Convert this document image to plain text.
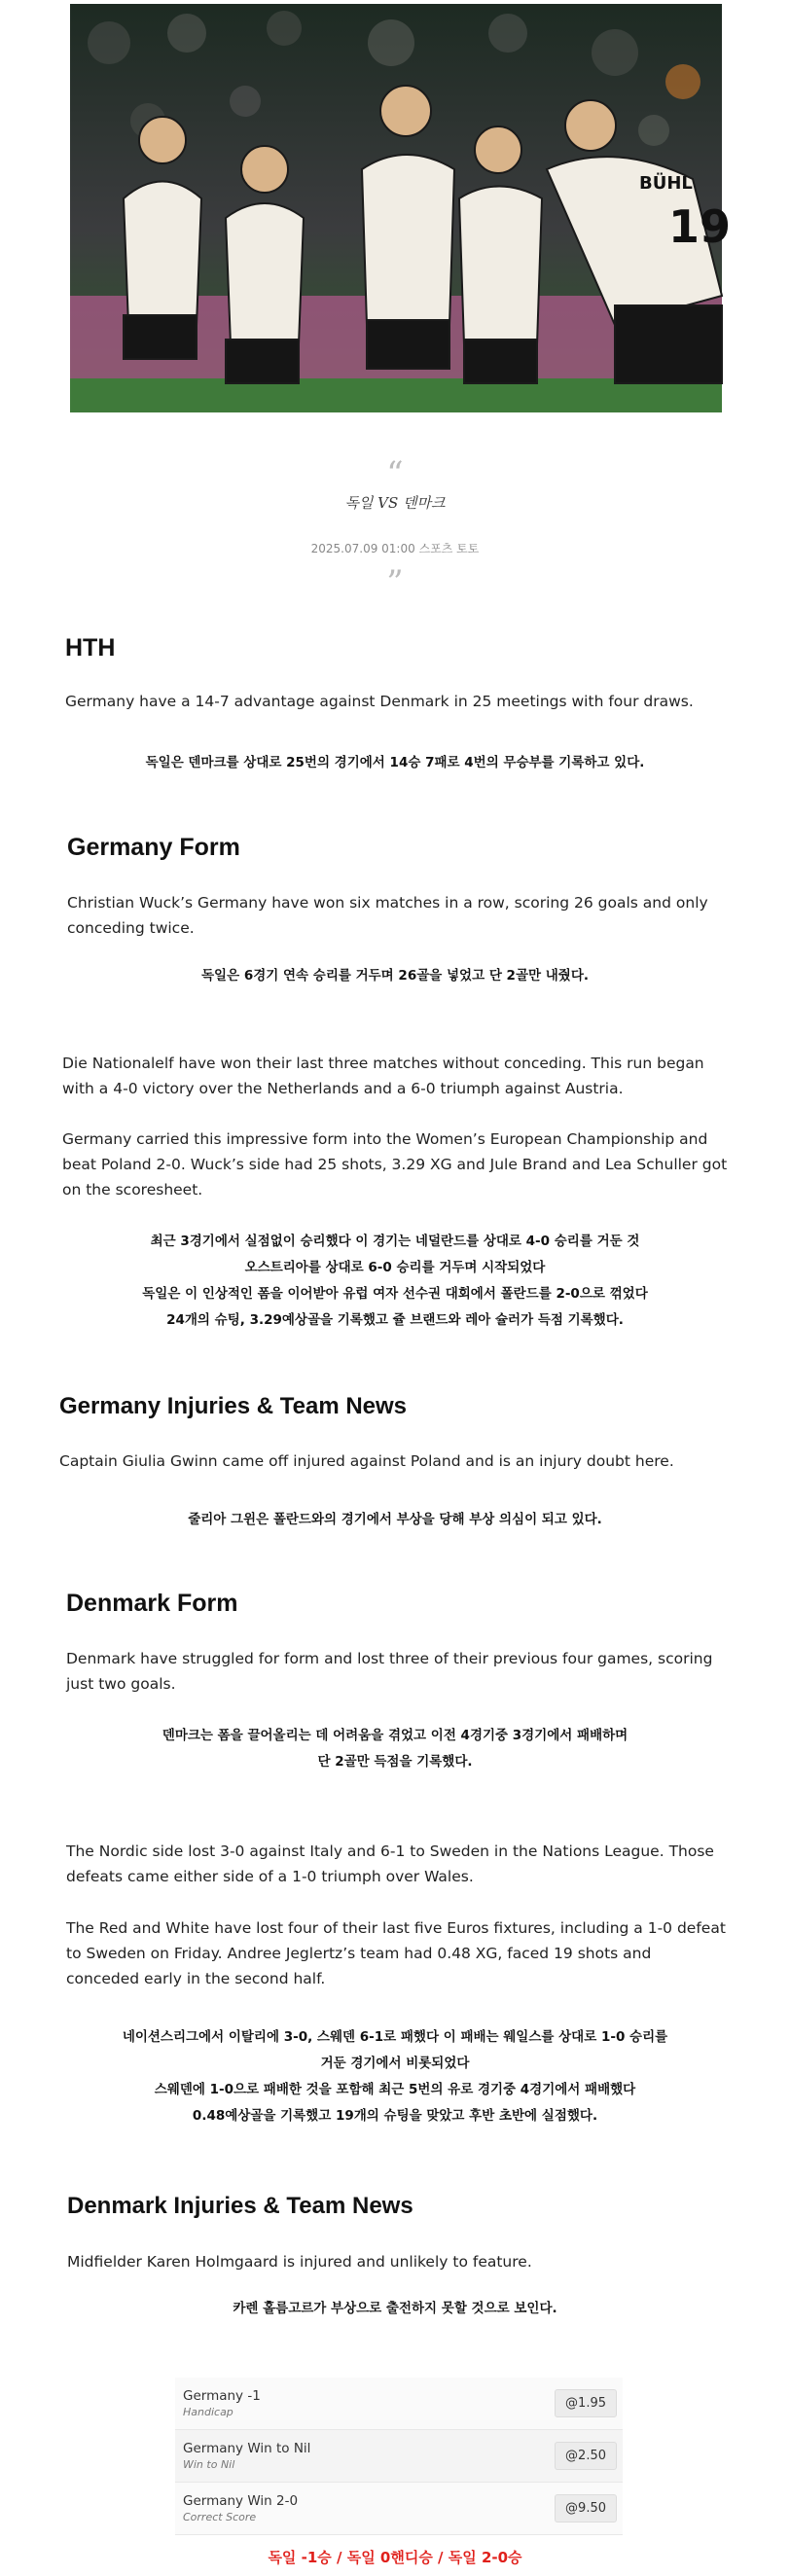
19
BÜHL
“
독일 VS 덴마크
2025.07.09 01:00 스포츠 토토
”
HTH

Germany have a 14-7 advantage against Denmark in 25 meetings with four draws.

독일은 덴마크를 상대로 25번의 경기에서 14승 7패로 4번의 무승부를 기록하고 있다.

Germany Form

Christian Wuck’s Germany have won six matches in a row, scoring 26 goals and only conceding twice.

독일은 6경기 연속 승리를 거두며 26골을 넣었고 단 2골만 내줬다.

Die Nationalelf have won their last three matches without conceding. This run began with a 4-0 victory over the Netherlands and a 6-0 triumph against Austria.

Germany carried this impressive form into the Women’s European Championship and beat Poland 2-0. Wuck’s side had 25 shots, 3.29 XG and Jule Brand and Lea Schuller got on the scoresheet.

최근 3경기에서 실점없이 승리했다 이 경기는 네덜란드를 상대로 4-0 승리를 거둔 것
오스트리아를 상대로 6-0 승리를 거두며 시작되었다
독일은 이 인상적인 폼을 이어받아 유럽 여자 선수권 대회에서 폴란드를 2-0으로 꺾었다
24개의 슈팅, 3.29예상골을 기록했고 쥴 브랜드와 레아 슐러가 득점 기록했다.
Germany Injuries & Team News

Captain Giulia Gwinn came off injured against Poland and is an injury doubt here.

줄리아 그윈은 폴란드와의 경기에서 부상을 당해 부상 의심이 되고 있다.

Denmark Form

Denmark have struggled for form and lost three of their previous four games, scoring just two goals.

덴마크는 폼을 끌어올리는 데 어려움을 겪었고 이전 4경기중 3경기에서 패배하며
단 2골만 득점을 기록했다.

The Nordic side lost 3-0 against Italy and 6-1 to Sweden in the Nations League. Those defeats came either side of a 1-0 triumph over Wales.

The Red and White have lost four of their last five Euros fixtures, including a 1-0 defeat to Sweden on Friday. Andree Jeglertz’s team had 0.48 XG, faced 19 shots and conceded early in the second half.

네이션스리그에서 이탈리에 3-0, 스웨덴 6-1로 패했다 이 패배는 웨일스를 상대로 1-0 승리를
거둔 경기에서 비롯되었다
스웨덴에 1-0으로 패배한 것을 포함해 최근 5번의 유로 경기중 4경기에서 패배했다
0.48예상골을 기록했고 19개의 슈팅을 맞았고 후반 초반에 실점했다.
Denmark Injuries & Team News

Midfielder Karen Holmgaard is injured and unlikely to feature.

카렌 홀름고르가 부상으로 출전하지 못할 것으로 보인다.

Germany -1
Handicap
@1.95
Germany Win to Nil
Win to Nil
@2.50
Germany Win 2-0
Correct Score
@9.50
독일 -1승 / 독일 0핸디승 / 독일 2-0승
